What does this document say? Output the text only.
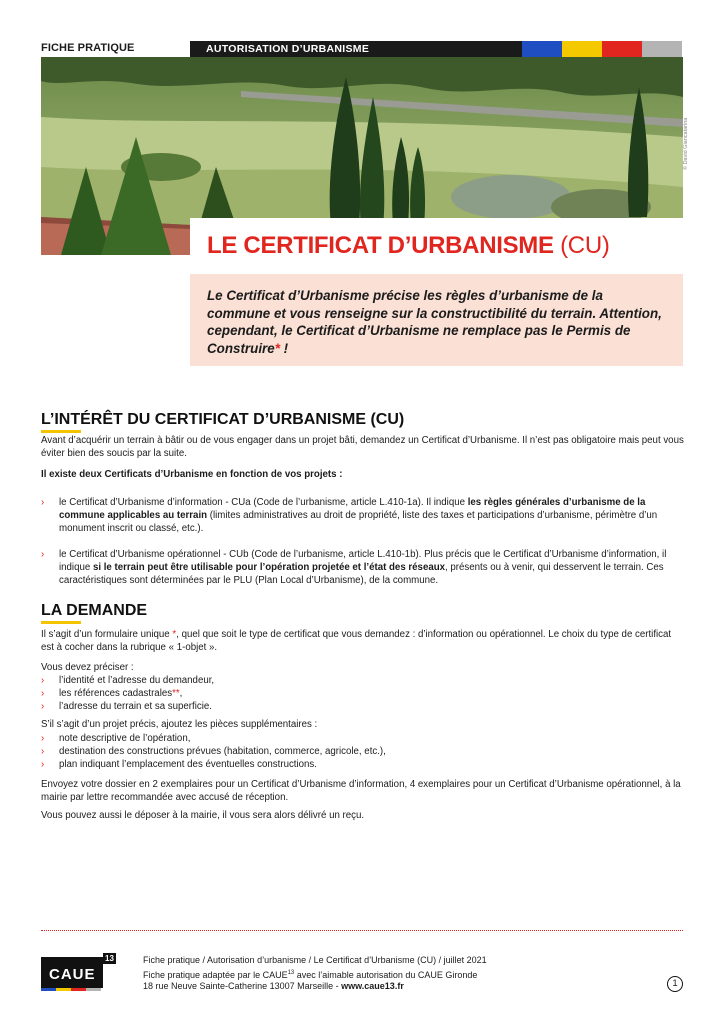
FICHE PRATIQUE	AUTORISATION D’URBANISME
© David Giancatarina
LE CERTIFICAT D’URBANISME (CU)
Le Certificat d’Urbanisme précise les règles d’urbanisme de la commune et vous renseigne sur la constructibilité du terrain. Attention, cependant, le Certificat d’Urbanisme ne remplace pas le Permis de Construire* !
L’INTÉRÊT DU CERTIFICAT D’URBANISME (CU)
Avant d’acquérir un terrain à bâtir ou de vous engager dans un projet bâti, demandez un Certificat d’Urbanisme. Il n’est pas obligatoire mais peut vous éviter bien des soucis par la suite.
Il existe deux Certificats d’Urbanisme en fonction de vos projets :
› le Certificat d’Urbanisme d’information - CUa (Code de l’urbanisme, article L.410-1a). Il indique les règles générales d’urbanisme de la commune applicables au terrain (limites administratives au droit de propriété, liste des taxes et participations d’urbanisme, périmètre d’un monument inscrit ou classé, etc.).
› le Certificat d’Urbanisme opérationnel - CUb (Code de l’urbanisme, article L.410-1b). Plus précis que le Certificat d’Urbanisme d’information, il indique si le terrain peut être utilisable pour l’opération projetée et l’état des réseaux, présents ou à venir, qui desservent le terrain. Ces caractéristiques sont déterminées par le PLU (Plan Local d’Urbanisme), de la commune.
LA DEMANDE
Il s’agit d’un formulaire unique *, quel que soit le type de certificat que vous demandez : d’information ou opérationnel. Le choix du type de certificat est à cocher dans la rubrique « 1-objet ».
Vous devez préciser :
› l’identité et l’adresse du demandeur,
› les références cadastrales**,
› l’adresse du terrain et sa superficie.
S’il s’agit d’un projet précis, ajoutez les pièces supplémentaires :
› note descriptive de l’opération,
› destination des constructions prévues (habitation, commerce, agricole, etc.),
› plan indiquant l’emplacement des éventuelles constructions.
Envoyez votre dossier en 2 exemplaires pour un Certificat d’Urbanisme d’information, 4 exemplaires pour un Certificat d’Urbanisme opérationnel, à la mairie par lettre recommandée avec accusé de réception.
Vous pouvez aussi le déposer à la mairie, il vous sera alors délivré un reçu.
CAUE
13	Fiche pratique / Autorisation d’urbanisme / Le Certificat d’Urbanisme (CU) / juillet 2021
Fiche pratique adaptée par le CAUE$^{13}$ avec l’aimable autorisation du CAUE Gironde
18 rue Neuve Sainte-Catherine 13007 Marseille - www.caue13.fr	1
